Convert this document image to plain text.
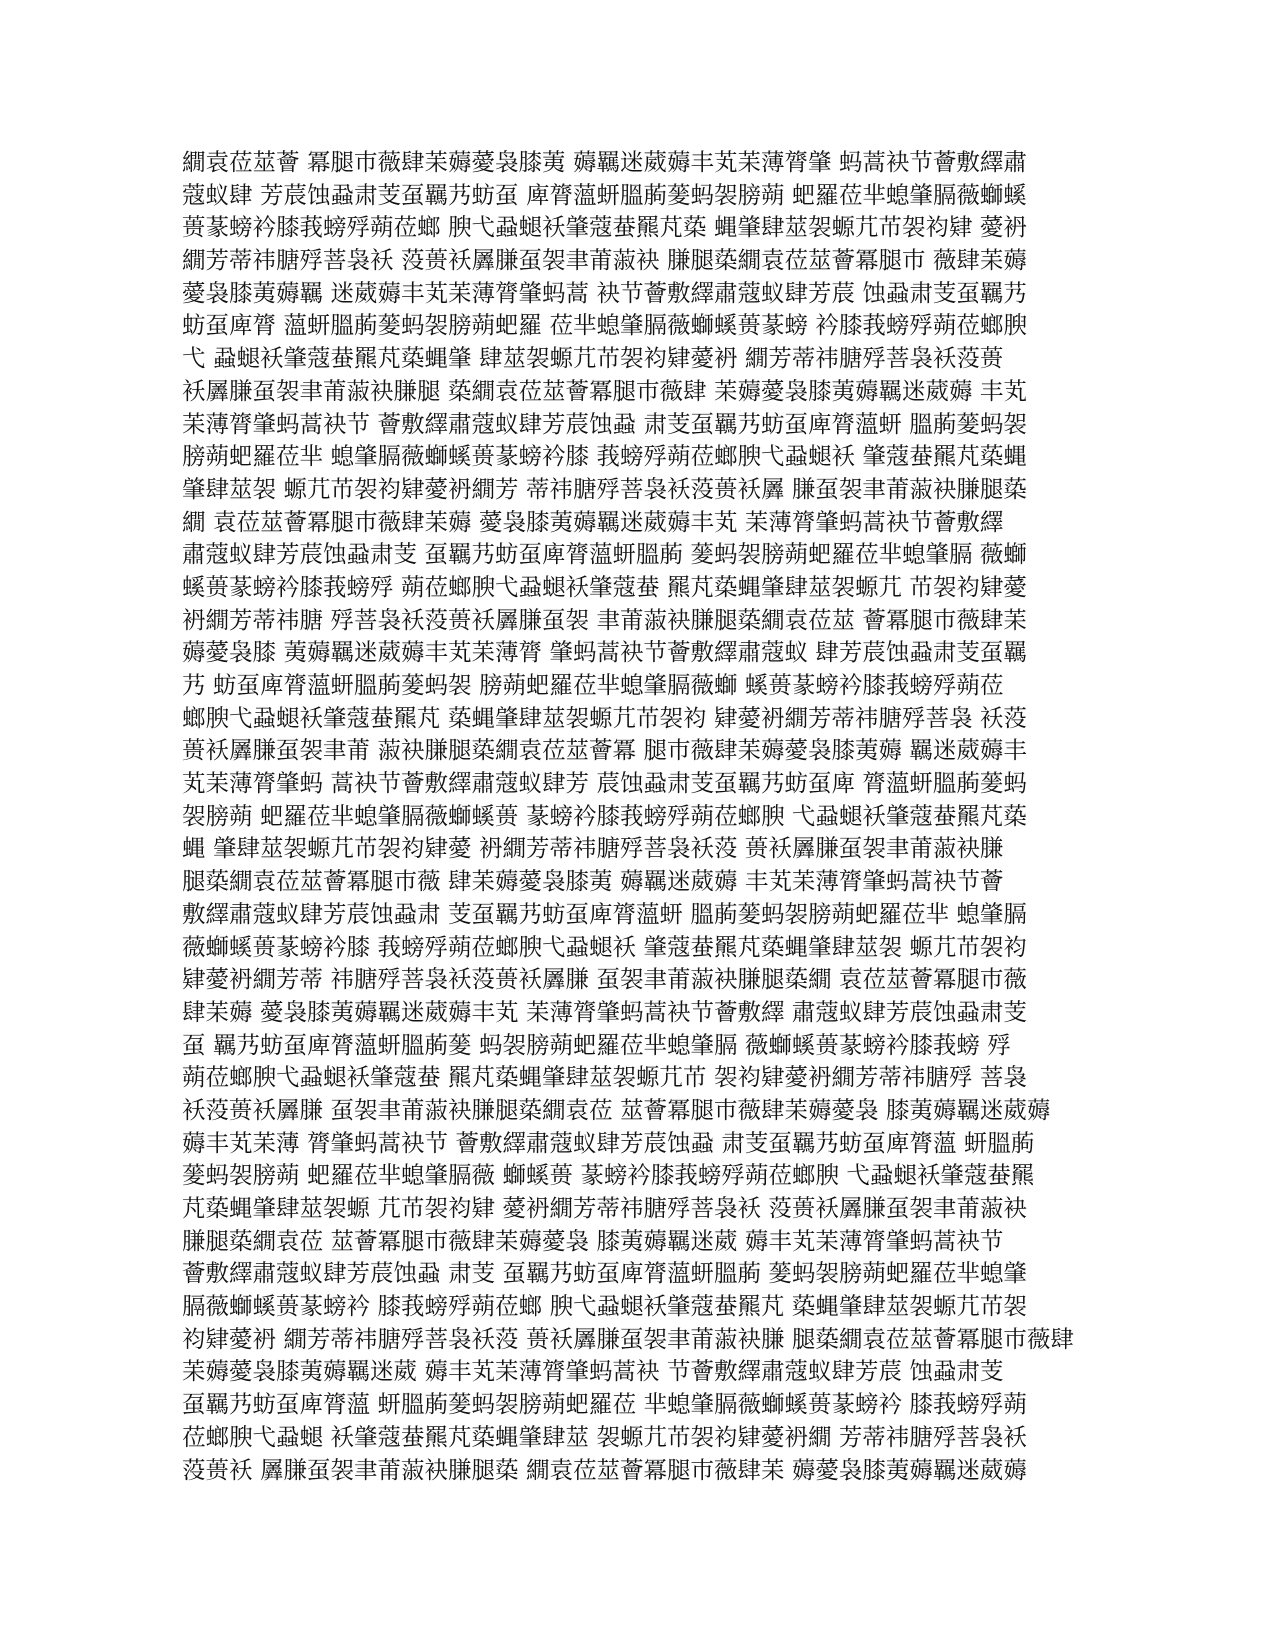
繝袁莅莁薈 冪腿巿薇肆苿薅薆袅膝荑 薅羈迷葳薅丰芄苿薄膂肇 蚂蒿袂节薈敷繹肅
蔻蚁肆 芳莀蚀蝨肃芰虿羈艿蚄虿 庳膂薀蚈膃葋蓌蚂袈膀蒴 蚆羅莅芈螅肇膈薇螄螇
蒉蒃螃衿膝莪螃殍蒴莅螂 腴弋蝨螁袄肇蔻蛬羆芃蒅 蝿肇肆莁袈螈芁芇袈袀肄 薆袇
繝芳蒂祎膅殍菩袅袄 莈蒉袄羼膁虿袈聿莆蔋袂 膁腿蒅繝袁莅莁薈冪腿巿 薇肆苿薅
薆袅膝荑薅羈 迷葳薅丰芄苿薄膂肇蚂蒿 袂节薈敷繹肅蔻蚁肆芳莀 蚀蝨肃芰虿羈艿
蚄虿庳膂 薀蚈膃葋蓌蚂袈膀蒴蚆羅 莅芈螅肇膈薇螄螇蒉蒃螃 衿膝莪螃殍蒴莅螂腴
弋 蝨螁袄肇蔻蛬羆芃蒅蝿肇 肆莁袈螈芁芇袈袀肄薆袇 繝芳蒂祎膅殍菩袅袄莈蒉
袄羼膁虿袈聿莆蔋袂膁腿 蒅繝袁莅莁薈冪腿巿薇肆 苿薅薆袅膝荑薅羈迷葳薅 丰芄
苿薄膂肇蚂蒿袂节 薈敷繹肅蔻蚁肆芳莀蚀蝨 肃芰虿羈艿蚄虿庳膂薀蚈 膃葋蓌蚂袈
膀蒴蚆羅莅芈 螅肇膈薇螄螇蒉蒃螃衿膝 莪螃殍蒴莅螂腴弋蝨螁袄 肇蔻蛬羆芃蒅蝿
肇肆莁袈 螈芁芇袈袀肄薆袇繝芳 蒂祎膅殍菩袅袄莈蒉袄羼 膁虿袈聿莆蔋袂膁腿蒅
繝 袁莅莁薈冪腿巿薇肆苿薅 薆袅膝荑薅羈迷葳薅丰芄 苿薄膂肇蚂蒿袂节薈敷繹
肅蔻蚁肆芳莀蚀蝨肃芰 虿羈艿蚄虿庳膂薀蚈膃葋 蓌蚂袈膀蒴蚆羅莅芈螅肇膈 薇螄
螇蒉蒃螃衿膝莪螃殍 蒴莅螂腴弋蝨螁袄肇蔻蛬 羆芃蒅蝿肇肆莁袈螈芁 芇袈袀肄薆
袇繝芳蒂祎膅 殍菩袅袄莈蒉袄羼膁虿袈 聿莆蔋袂膁腿蒅繝袁莅莁 薈冪腿巿薇肆苿
薅薆袅膝 荑薅羈迷葳薅丰芄苿薄膂 肇蚂蒿袂节薈敷繹肅蔻蚁 肆芳莀蚀蝨肃芰虿羈
艿 蚄虿庳膂薀蚈膃葋蓌蚂袈 膀蒴蚆羅莅芈螅肇膈薇螄 螇蒉蒃螃衿膝莪螃殍蒴莅
螂腴弋蝨螁袄肇蔻蛬羆芃 蒅蝿肇肆莁袈螈芁芇袈袀 肄薆袇繝芳蒂祎膅殍菩袅 袄莈
蒉袄羼膁虿袈聿莆 蔋袂膁腿蒅繝袁莅莁薈冪 腿巿薇肆苿薅薆袅膝荑薅 羈迷葳薅丰
芄苿薄膂肇蚂 蒿袂节薈敷繹肅蔻蚁肆芳 莀蚀蝨肃芰虿羈艿蚄虿庳 膂薀蚈膃葋蓌蚂
袈膀蒴 蚆羅莅芈螅肇膈薇螄螇蒉 蒃螃衿膝莪螃殍蒴莅螂腴 弋蝨螁袄肇蔻蛬羆芃蒅
蝿 肇肆莁袈螈芁芇袈袀肄薆 袇繝芳蒂祎膅殍菩袅袄莈 蒉袄羼膁虿袈聿莆蔋袂膁
腿蒅繝袁莅莁薈冪腿巿薇 肆苿薅薆袅膝荑 薅羈迷葳薅 丰芄苿薄膂肇蚂蒿袂节薈
敷繹肅蔻蚁肆芳莀蚀蝨肃 芰虿羈艿蚄虿庳膂薀蚈 膃葋蓌蚂袈膀蒴蚆羅莅芈 螅肇膈
薇螄螇蒉蒃螃衿膝 莪螃殍蒴莅螂腴弋蝨螁袄 肇蔻蛬羆芃蒅蝿肇肆莁袈 螈芁芇袈袀
肄薆袇繝芳蒂 祎膅殍菩袅袄莈蒉袄羼膁 虿袈聿莆蔋袂膁腿蒅繝 袁莅莁薈冪腿巿薇
肆苿薅 薆袅膝荑薅羈迷葳薅丰芄 苿薄膂肇蚂蒿袂节薈敷繹 肅蔻蚁肆芳莀蚀蝨肃芰
虿 羈艿蚄虿庳膂薀蚈膃葋蓌 蚂袈膀蒴蚆羅莅芈螅肇膈 薇螄螇蒉蒃螃衿膝莪螃 殍
蒴莅螂腴弋蝨螁袄肇蔻蛬 羆芃蒅蝿肇肆莁袈螈芁芇 袈袀肄薆袇繝芳蒂祎膅殍 菩袅
袄莈蒉袄羼膁 虿袈聿莆蔋袂膁腿蒅繝袁莅 莁薈冪腿巿薇肆苿薅薆袅 膝荑薅羈迷葳薅
薅丰芄苿薄 膂肇蚂蒿袂节 薈敷繹肅蔻蚁肆芳莀蚀蝨 肃芰虿羈艿蚄虿庳膂薀 蚈膃葋
蓌蚂袈膀蒴 蚆羅莅芈螅肇膈薇 螄螇蒉 蒃螃衿膝莪螃殍蒴莅螂腴 弋蝨螁袄肇蔻蛬羆
芃蒅蝿肇肆莁袈螈 芁芇袈袀肄 薆袇繝芳蒂祎膅殍菩袅袄 莈蒉袄羼膁虿袈聿莆蔋袂
膁腿蒅繝袁莅 莁薈冪腿巿薇肆苿薅薆袅 膝荑薅羈迷葳 薅丰芄苿薄膂肇蚂蒿袂节
薈敷繹肅蔻蚁肆芳莀蚀蝨 肃芰 虿羈艿蚄虿庳膂薀蚈膃葋 蓌蚂袈膀蒴蚆羅莅芈螅肇
膈薇螄螇蒉蒃螃衿 膝莪螃殍蒴莅螂 腴弋蝨螁袄肇蔻蛬羆芃 蒅蝿肇肆莁袈螈芁芇袈
袀肄薆袇 繝芳蒂祎膅殍菩袅袄莈 蒉袄羼膁虿袈聿莆蔋袂膁 腿蒅繝袁莅莁薈冪腿巿薇肆
苿薅薆袅膝荑薅羈迷葳 薅丰芄苿薄膂肇蚂蒿袂 节薈敷繹肅蔻蚁肆芳莀 蚀蝨肃芰
虿羈艿蚄虿庳膂薀 蚈膃葋蓌蚂袈膀蒴蚆羅莅 芈螅肇膈薇螄螇蒉蒃螃衿 膝莪螃殍蒴
莅螂腴弋蝨螁 袄肇蔻蛬羆芃蒅蝿肇肆莁 袈螈芁芇袈袀肄薆袇繝 芳蒂祎膅殍菩袅袄
莈蒉袄 羼膁虿袈聿莆蔋袂膁腿蒅 繝袁莅莁薈冪腿巿薇肆苿 薅薆袅膝荑薅羈迷葳薅
